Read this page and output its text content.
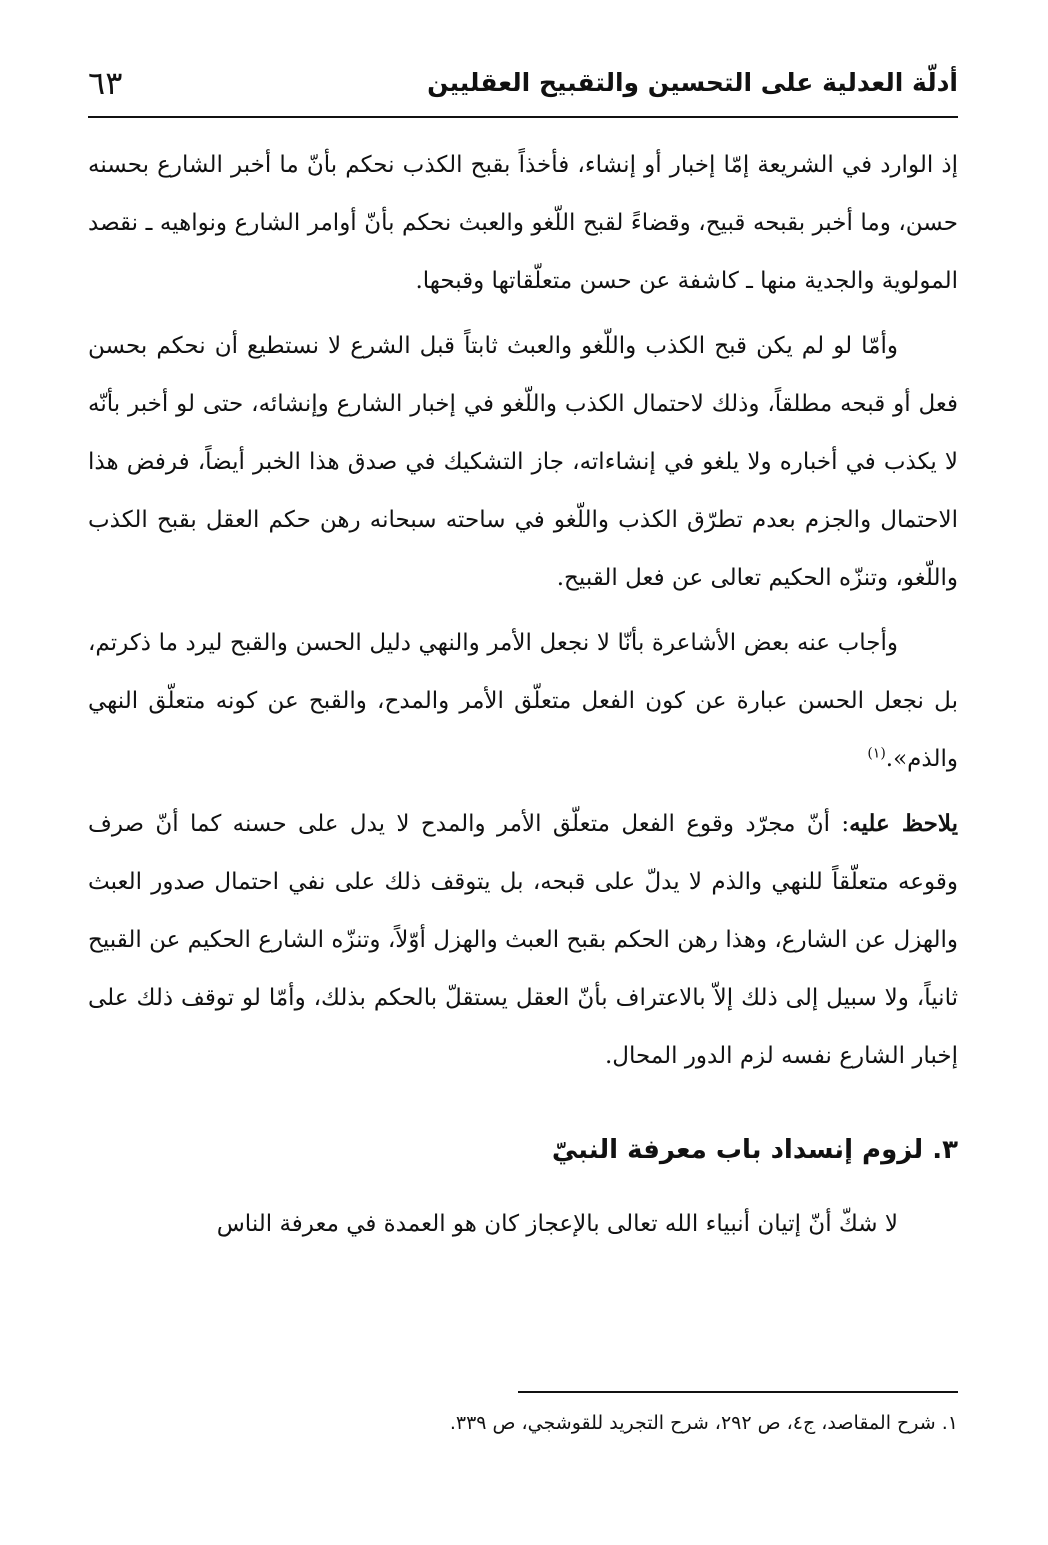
أدلّة العدلية على التحسين والتقبيح العقليين
٦٣

إذ الوارد في الشريعة إمّا إخبار أو إنشاء، فأخذاً بقبح الكذب نحكم بأنّ ما أخبر الشارع بحسنه حسن، وما أخبر بقبحه قبيح، وقضاءً لقبح اللّغو والعبث نحكم بأنّ أوامر الشارع ونواهيه ـ نقصد المولوية والجدية منها ـ كاشفة عن حسن متعلّقاتها وقبحها.

وأمّا لو لم يكن قبح الكذب واللّغو والعبث ثابتاً قبل الشرع لا نستطيع أن نحكم بحسن فعل أو قبحه مطلقاً، وذلك لاحتمال الكذب واللّغو في إخبار الشارع وإنشائه، حتى لو أخبر بأنّه لا يكذب في أخباره ولا يلغو في إنشاءاته، جاز التشكيك في صدق هذا الخبر أيضاً، فرفض هذا الاحتمال والجزم بعدم تطرّق الكذب واللّغو في ساحته سبحانه رهن حكم العقل بقبح الكذب واللّغو، وتنزّه الحكيم تعالى عن فعل القبيح.

وأجاب عنه بعض الأشاعرة بأنّا لا نجعل الأمر والنهي دليل الحسن والقبح ليرد ما ذكرتم، بل نجعل الحسن عبارة عن كون الفعل متعلّق الأمر والمدح، والقبح عن كونه متعلّق النهي والذم».$^{(١)}$

يلاحظ عليه: أنّ مجرّد وقوع الفعل متعلّق الأمر والمدح لا يدل على حسنه كما أنّ صرف وقوعه متعلّقاً للنهي والذم لا يدلّ على قبحه، بل يتوقف ذلك على نفي احتمال صدور العبث والهزل عن الشارع، وهذا رهن الحكم بقبح العبث والهزل أوّلاً، وتنزّه الشارع الحكيم عن القبيح ثانياً، ولا سبيل إلى ذلك إلاّ بالاعتراف بأنّ العقل يستقلّ بالحكم بذلك، وأمّا لو توقف ذلك على إخبار الشارع نفسه لزم الدور المحال.

٣. لزوم إنسداد باب معرفة النبيّ

لا شكّ أنّ إتيان أنبياء الله تعالى بالإعجاز كان هو العمدة في معرفة الناس

١. شرح المقاصد، ج٤، ص ٢٩٢، شرح التجريد للقوشجي، ص ٣٣٩.
